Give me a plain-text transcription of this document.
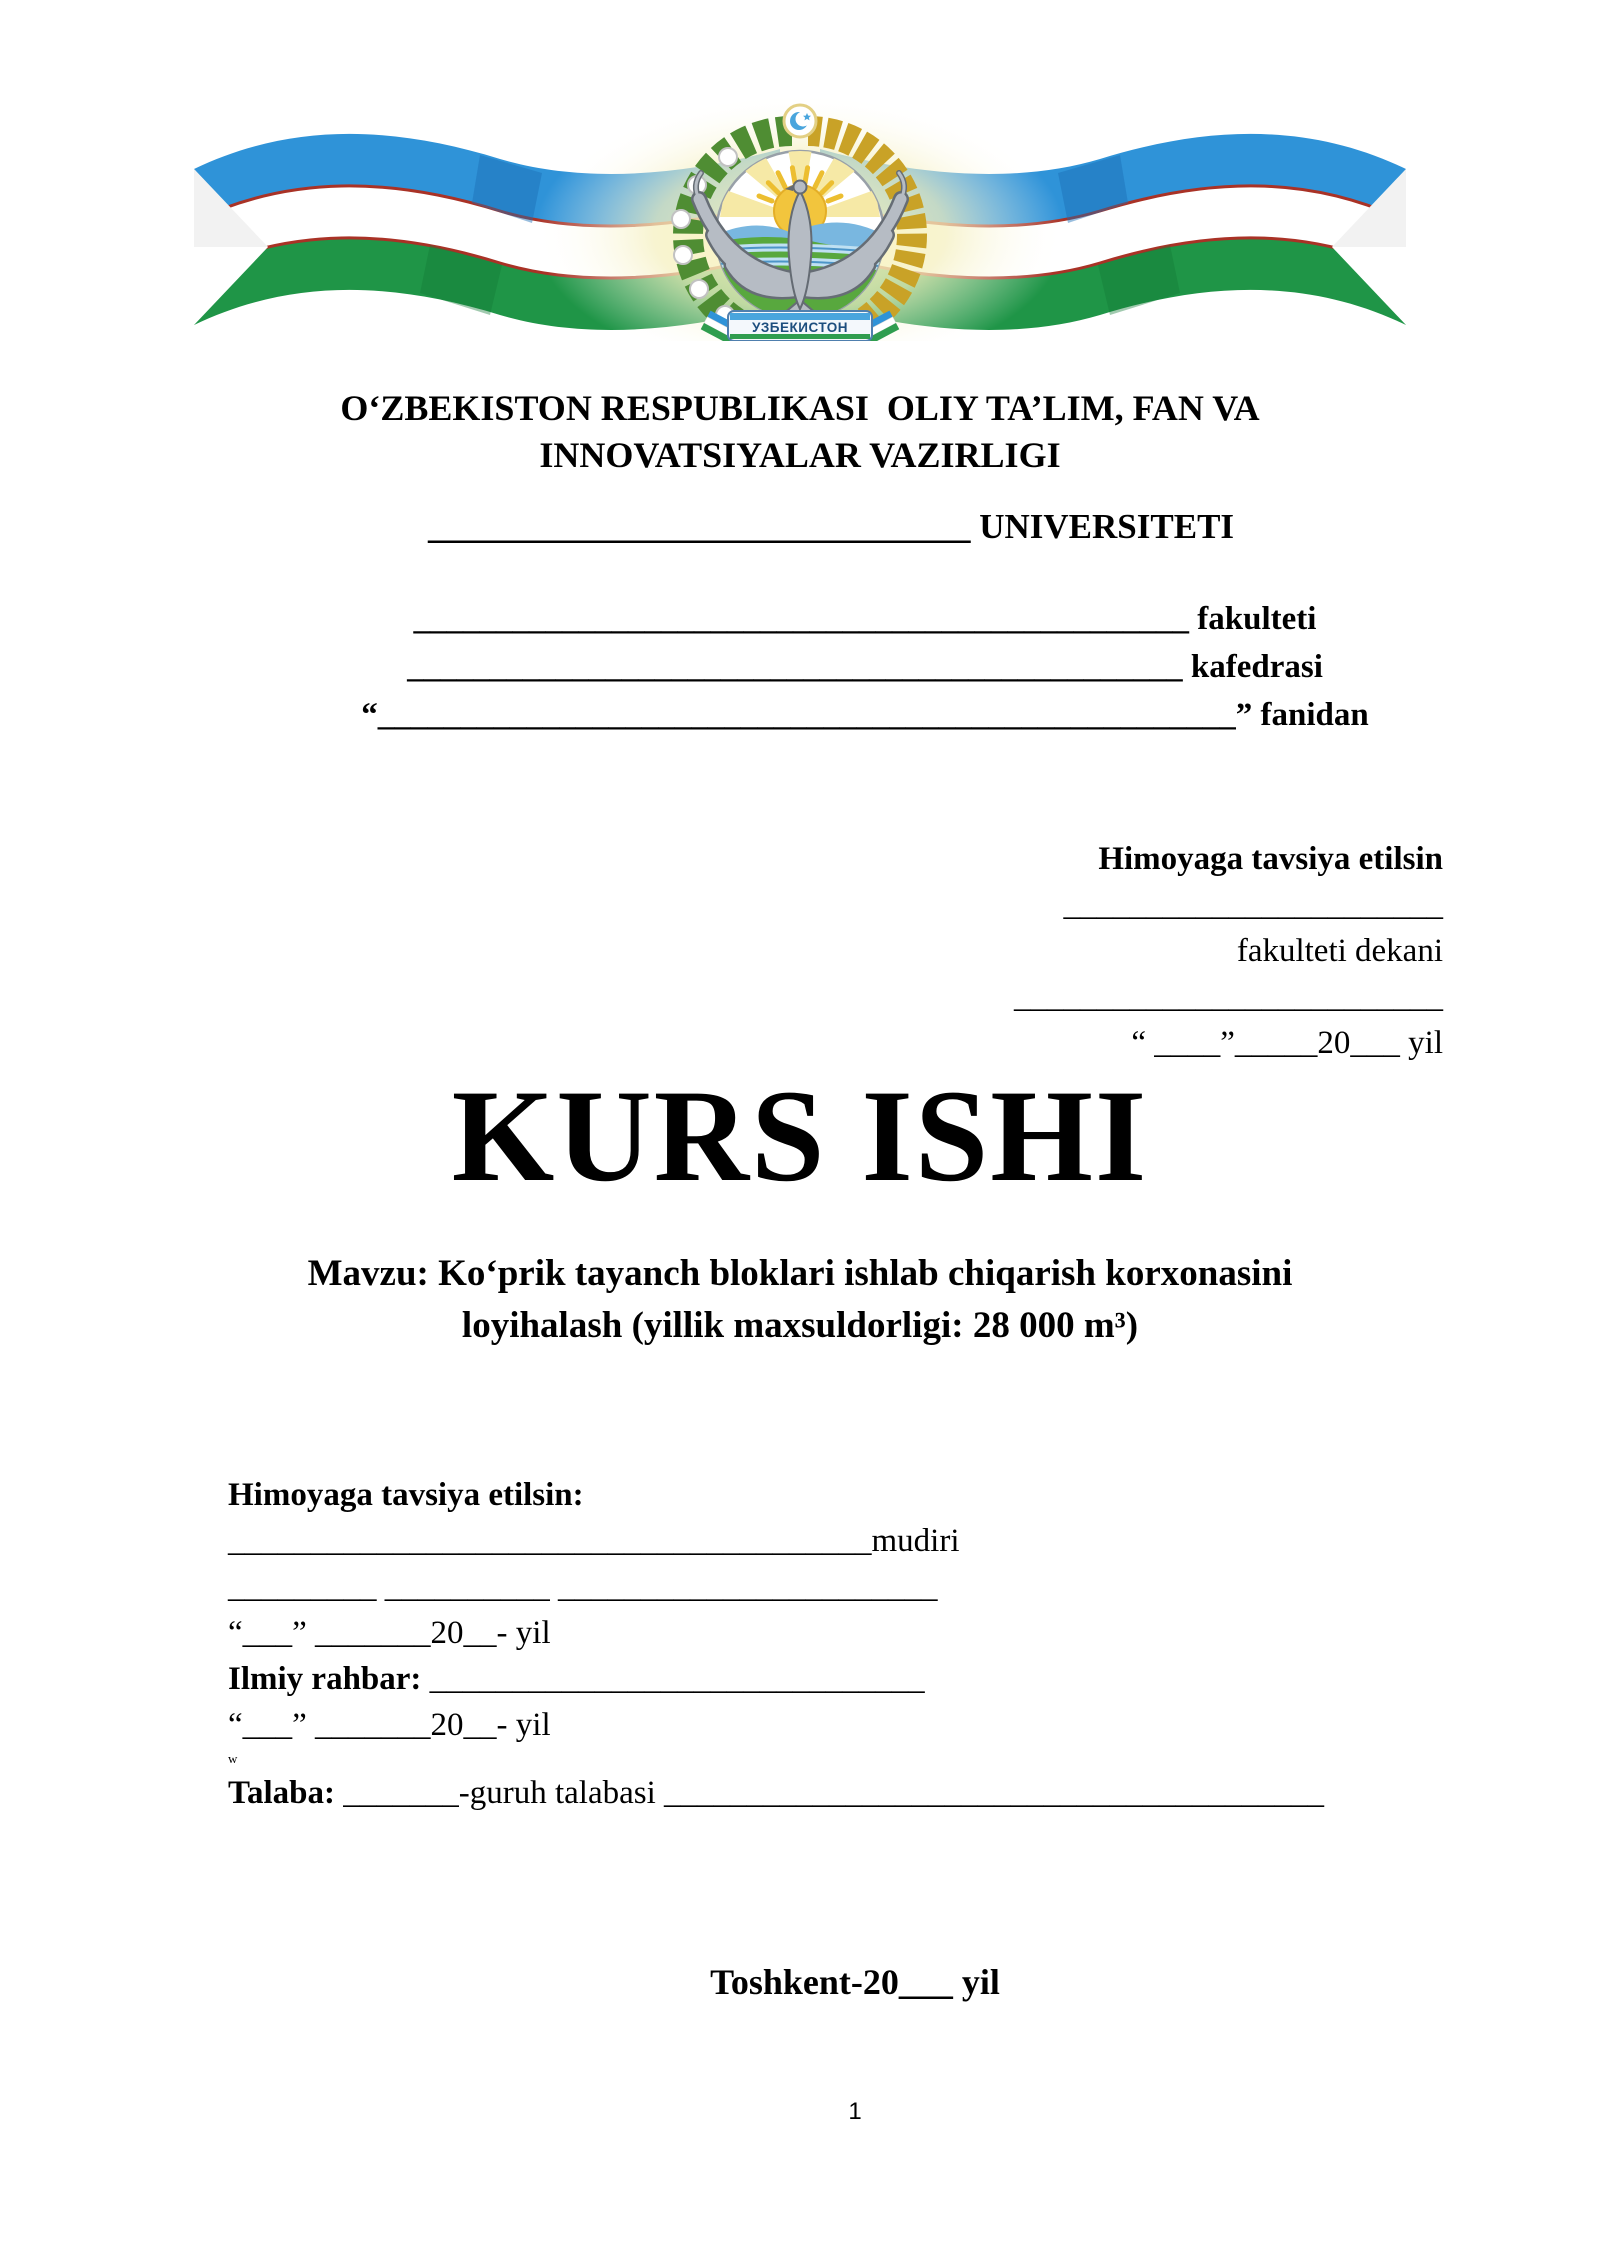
УЗБЕКИСТОН
O‘ZBEKISTON RESPUBLIKASI  OLIY TA’LIM, FAN VA
INNOVATSIYALAR VAZIRLIGI
_______________________________ UNIVERSITETI
_______________________________________________ fakulteti
_______________________________________________ kafedrasi
“____________________________________________________” fanidan
Himoyaga tavsiya etilsin
_______________________
fakulteti dekani
__________________________
“ ____”_____20___ yil
KURS ISHI
Mavzu: Ko‘prik tayanch bloklari ishlab chiqarish korxonasini
loyihalash (yillik maxsuldorligi: 28 000 m³)
Himoyaga tavsiya etilsin:
_______________________________________mudiri
_________ __________ _______________________
“___” _______20__- yil
Ilmiy rahbar: ______________________________
“___” _______20__- yil
w
Talaba: _______-guruh talabasi ________________________________________
Toshkent-20___ yil
1
